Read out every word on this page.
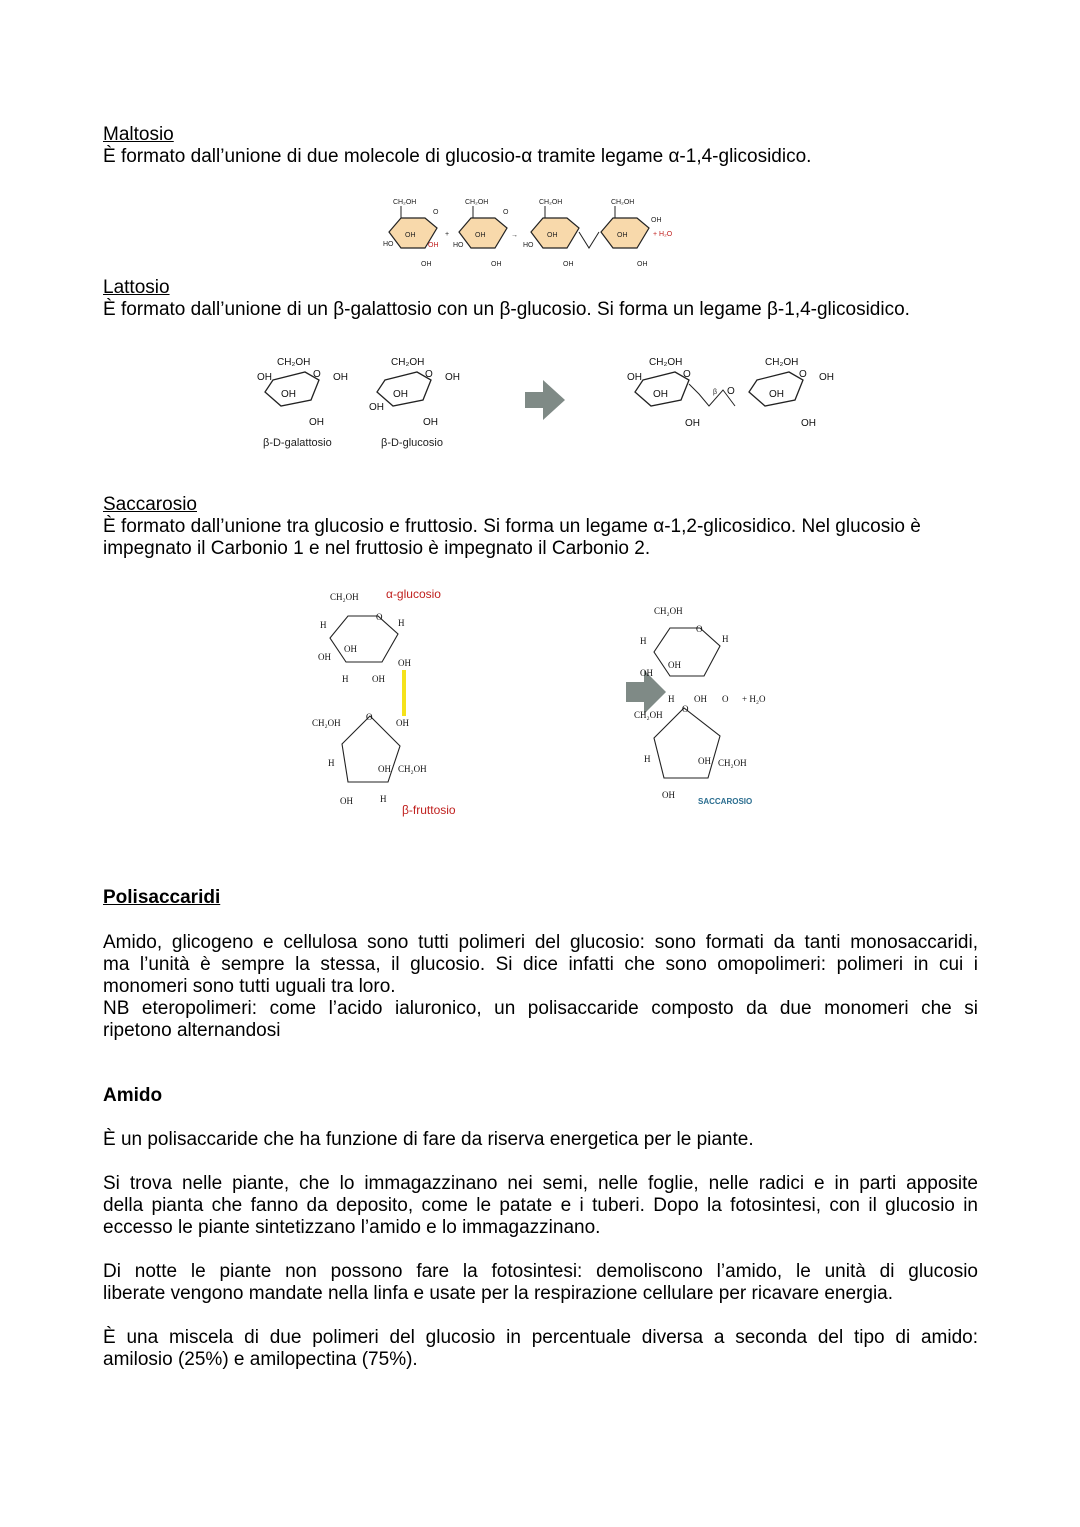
Maltosio

È formato dall’unione di due molecole di glucosio-α tramite legame α-1,4-glicosidico.

CH₂OH
OH
HO
O
OH
OH
+
CH₂OH
OH
HO
O
OH
→
CH₂OH
OH
HO
OH
CH₂OH
OH
OH
OH
+ H₂O

Lattosio

È formato dall’unione di un β-galattosio con un β-glucosio. Si forma un legame β-1,4-glicosidico.

CH₂OH
O
OH	OH
OH
OH
β-D-galattosio
CH₂OH
O OH
OH
OH
OH
β-D-glucosio
CH₂OH
O
OH
OH
OH
β O
CH₂OH
O OH
OH
OH

Saccarosio

È formato dall’unione tra glucosio e fruttosio. Si forma un legame α-1,2-glicosidico. Nel glucosio è

impegnato il Carbonio 1 e nel fruttosio è impegnato il Carbonio 2.

CH₂OH α-glucosio
O
H
OH
OH
OH
H
H	OH
CH₂OH	OH
O
H
OH CH₂OH
OH	H
β-fruttosio
CH₂OH
O
H
OH
OH
H
H OH O + H₂O
CH₂OH
O
H	OH CH₂OH
OH
SACCAROSIO

Polisaccaridi

Amido, glicogeno e cellulosa sono tutti polimeri del glucosio: sono formati da tanti monosaccaridi,

ma l’unità è sempre la stessa, il glucosio. Si dice infatti che sono omopolimeri: polimeri in cui i

monomeri sono tutti uguali tra loro.

NB eteropolimeri: come l’acido ialuronico, un polisaccaride composto da due monomeri che si

ripetono alternandosi

Amido

È un polisaccaride che ha funzione di fare da riserva energetica per le piante.

Si trova nelle piante, che lo immagazzinano nei semi, nelle foglie, nelle radici e in parti apposite

della pianta che fanno da deposito, come le patate e i tuberi. Dopo la fotosintesi, con il glucosio in

eccesso le piante sintetizzano l’amido e lo immagazzinano.

Di notte le piante non possono fare la fotosintesi: demoliscono l’amido, le unità di glucosio

liberate vengono mandate nella linfa e usate per la respirazione cellulare per ricavare energia.

È una miscela di due polimeri del glucosio in percentuale diversa a seconda del tipo di amido:

amilosio (25%) e amilopectina (75%).
